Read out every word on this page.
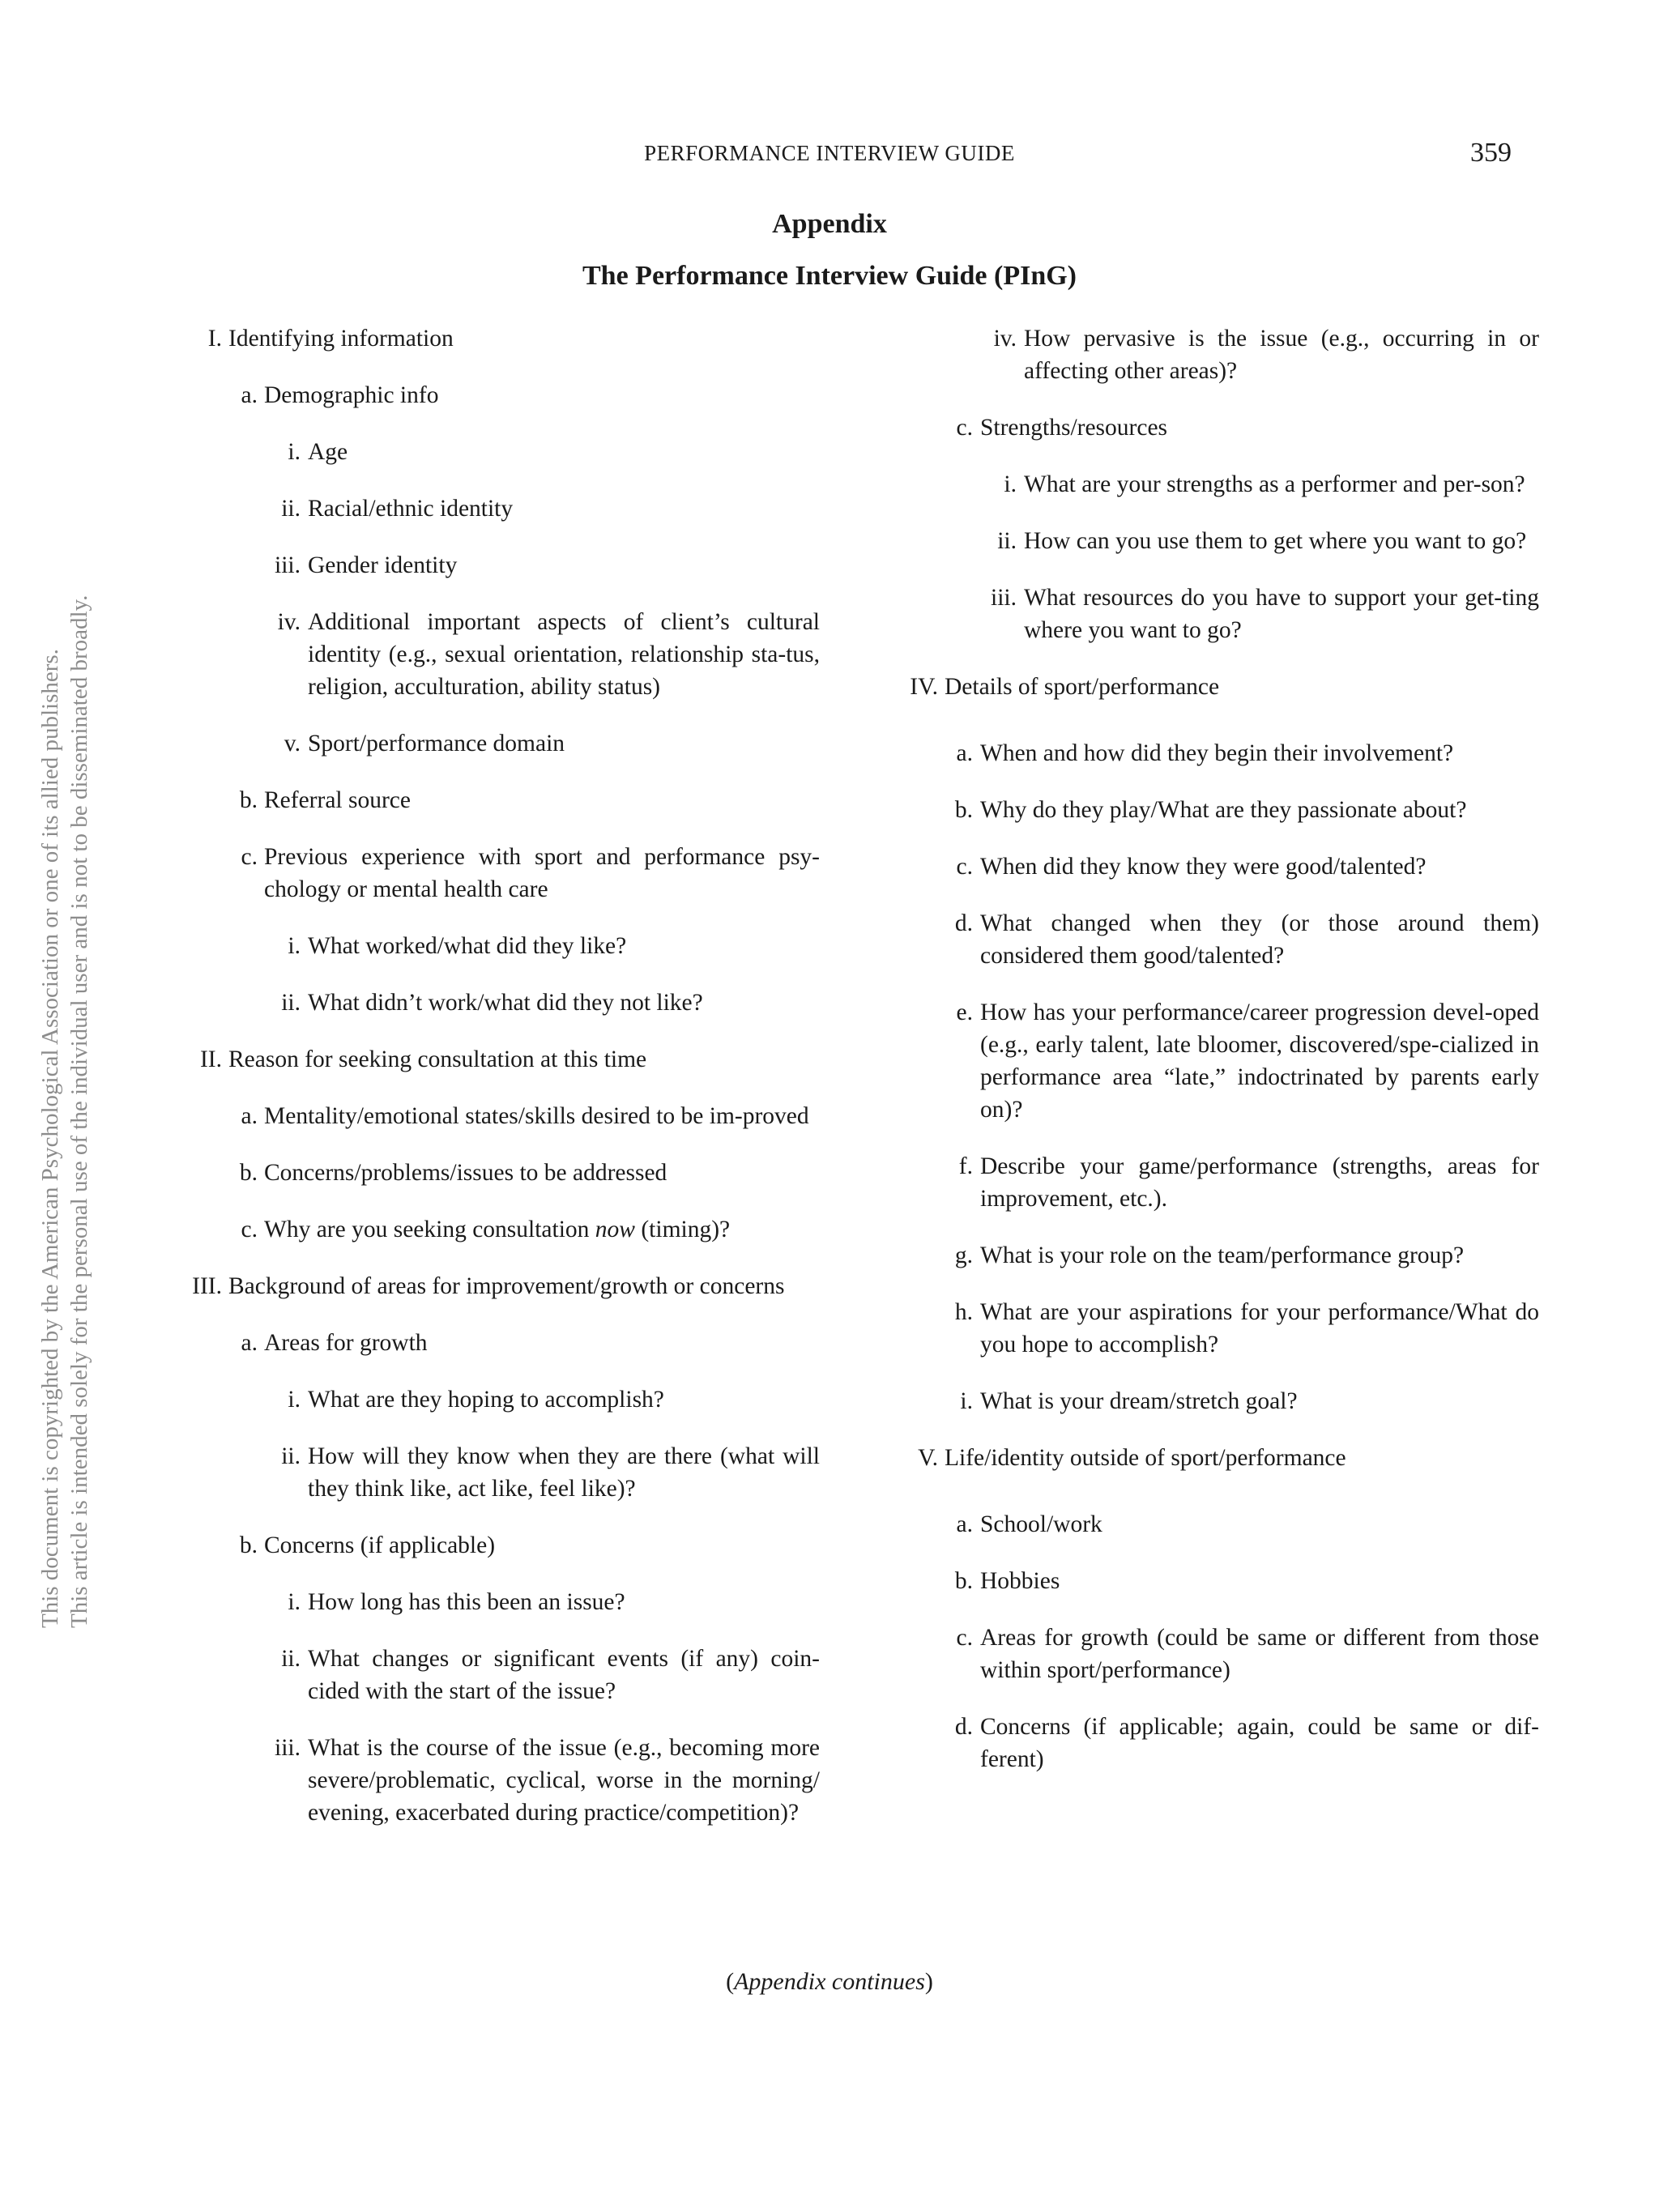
PERFORMANCE INTERVIEW GUIDE	359
Appendix
The Performance Interview Guide (PInG)
This document is copyrighted by the American Psychological Association or one of its allied publishers. This article is intended solely for the personal use of the individual user and is not to be disseminated broadly.
I. Identifying information
a. Demographic info
i. Age
ii. Racial/ethnic identity
iii. Gender identity
iv. Additional important aspects of client’s cultural identity (e.g., sexual orientation, relationship sta-tus, religion, acculturation, ability status)
v. Sport/performance domain
b. Referral source
c. Previous experience with sport and performance psy-chology or mental health care
i. What worked/what did they like?
ii. What didn’t work/what did they not like?
II. Reason for seeking consultation at this time
a. Mentality/emotional states/skills desired to be im-proved
b. Concerns/problems/issues to be addressed
c. Why are you seeking consultation now (timing)?
III. Background of areas for improvement/growth or concerns
a. Areas for growth
i. What are they hoping to accomplish?
ii. How will they know when they are there (what will they think like, act like, feel like)?
b. Concerns (if applicable)
i. How long has this been an issue?
ii. What changes or significant events (if any) coin-cided with the start of the issue?
iii. What is the course of the issue (e.g., becoming more severe/problematic, cyclical, worse in the morning/ evening, exacerbated during practice/competition)?
iv. How pervasive is the issue (e.g., occurring in or affecting other areas)?
c. Strengths/resources
i. What are your strengths as a performer and per-son?
ii. How can you use them to get where you want to go?
iii. What resources do you have to support your get-ting where you want to go?
IV. Details of sport/performance
a. When and how did they begin their involvement?
b. Why do they play/What are they passionate about?
c. When did they know they were good/talented?
d. What changed when they (or those around them) considered them good/talented?
e. How has your performance/career progression devel-oped (e.g., early talent, late bloomer, discovered/spe-cialized in performance area “late,” indoctrinated by parents early on)?
f. Describe your game/performance (strengths, areas for improvement, etc.).
g. What is your role on the team/performance group?
h. What are your aspirations for your performance/What do you hope to accomplish?
i. What is your dream/stretch goal?
V. Life/identity outside of sport/performance
a. School/work
b. Hobbies
c. Areas for growth (could be same or different from those within sport/performance)
d. Concerns (if applicable; again, could be same or dif-ferent)
(Appendix continues)
